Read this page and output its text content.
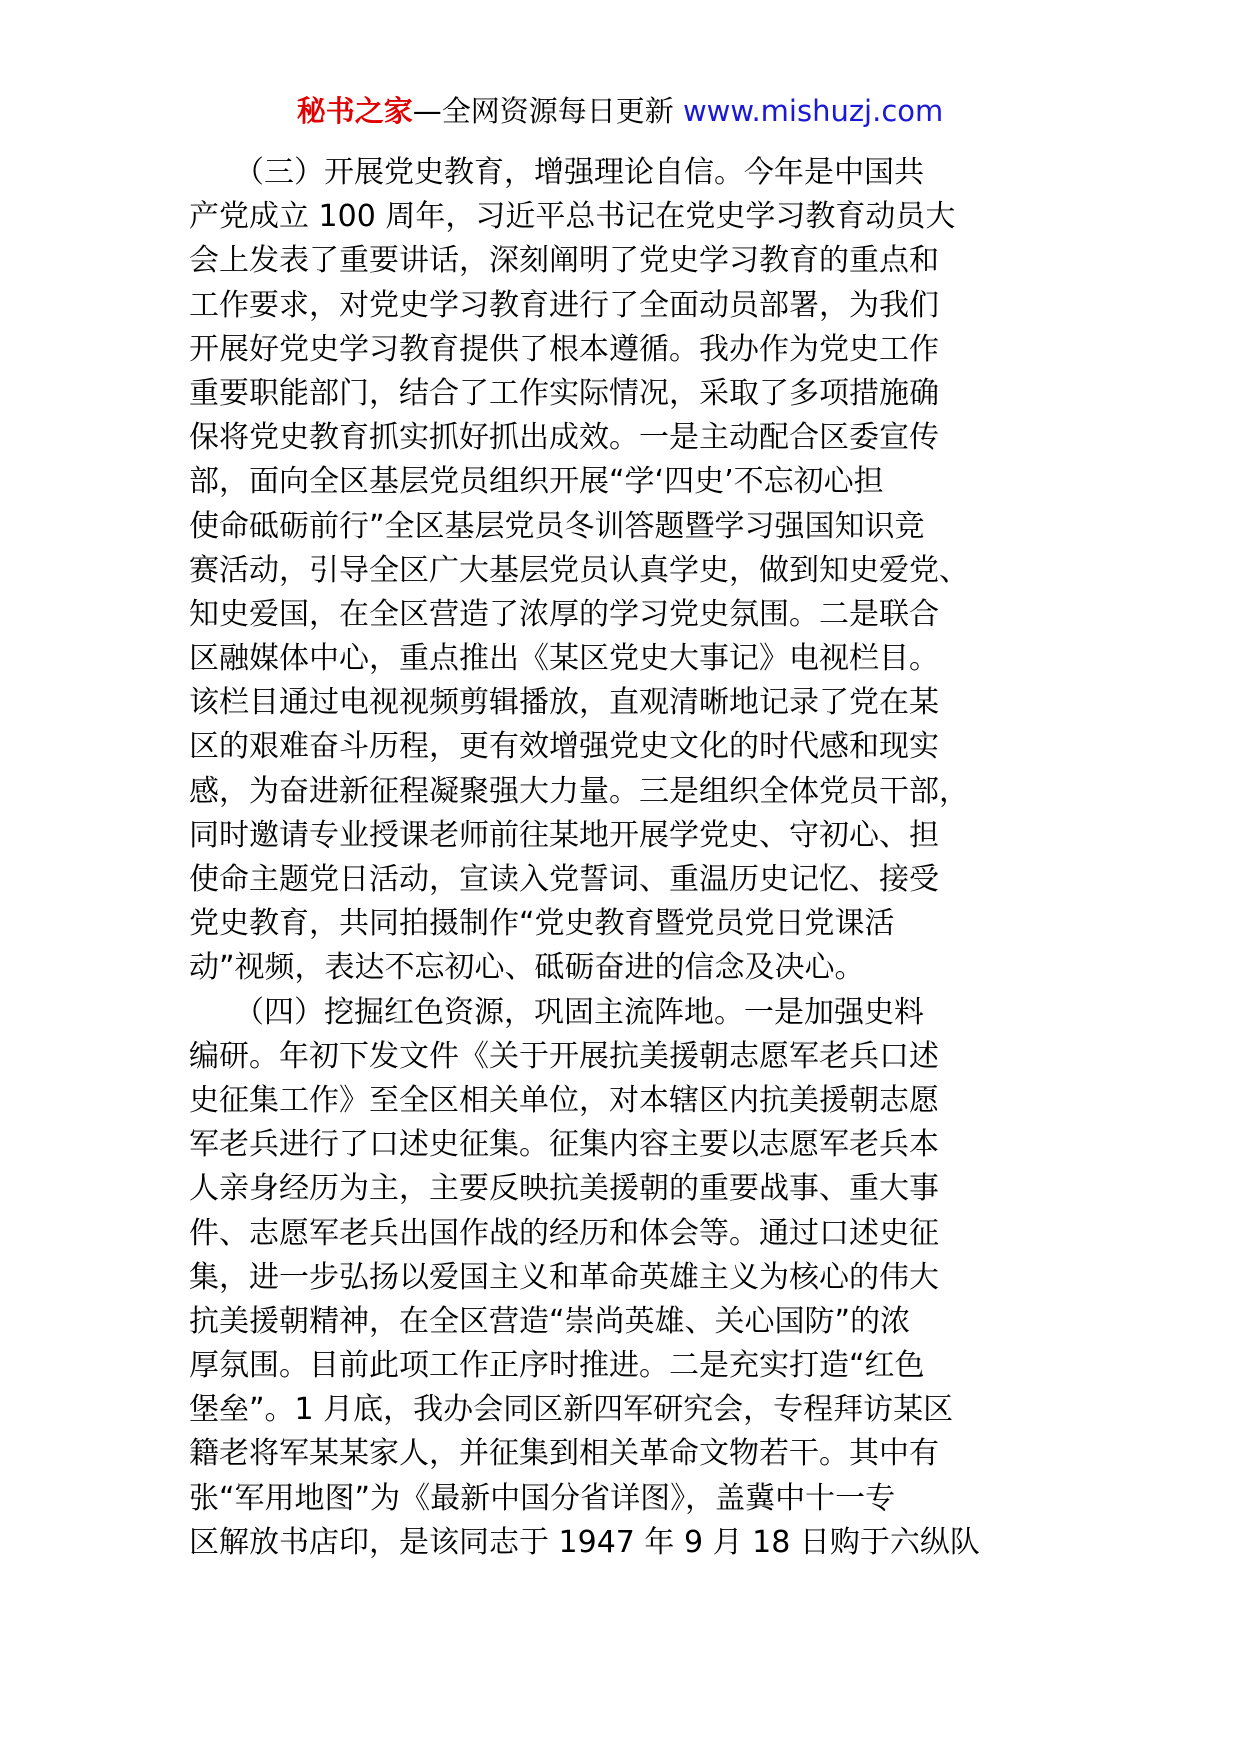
秘书之家—全网资源每日更新 www.mishuzj.com
　　（三）开展党史教育，增强理论自信。今年是中国共
产党成立 100 周年，习近平总书记在党史学习教育动员大
会上发表了重要讲话，深刻阐明了党史学习教育的重点和
工作要求，对党史学习教育进行了全面动员部署，为我们
开展好党史学习教育提供了根本遵循。我办作为党史工作
重要职能部门，结合了工作实际情况，采取了多项措施确
保将党史教育抓实抓好抓出成效。一是主动配合区委宣传
部，面向全区基层党员组织开展“学‘四史’不忘初心担
使命砥砺前行”全区基层党员冬训答题暨学习强国知识竞
赛活动，引导全区广大基层党员认真学史，做到知史爱党、
知史爱国，在全区营造了浓厚的学习党史氛围。二是联合
区融媒体中心，重点推出《某区党史大事记》电视栏目。
该栏目通过电视视频剪辑播放，直观清晰地记录了党在某
区的艰难奋斗历程，更有效增强党史文化的时代感和现实
感，为奋进新征程凝聚强大力量。三是组织全体党员干部，
同时邀请专业授课老师前往某地开展学党史、守初心、担
使命主题党日活动，宣读入党誓词、重温历史记忆、接受
党史教育，共同拍摄制作“党史教育暨党员党日党课活
动”视频，表达不忘初心、砥砺奋进的信念及决心。
　　（四）挖掘红色资源，巩固主流阵地。一是加强史料
编研。年初下发文件《关于开展抗美援朝志愿军老兵口述
史征集工作》至全区相关单位，对本辖区内抗美援朝志愿
军老兵进行了口述史征集。征集内容主要以志愿军老兵本
人亲身经历为主，主要反映抗美援朝的重要战事、重大事
件、志愿军老兵出国作战的经历和体会等。通过口述史征
集，进一步弘扬以爱国主义和革命英雄主义为核心的伟大
抗美援朝精神，在全区营造“崇尚英雄、关心国防”的浓
厚氛围。目前此项工作正序时推进。二是充实打造“红色
堡垒”。1 月底，我办会同区新四军研究会，专程拜访某区
籍老将军某某家人，并征集到相关革命文物若干。其中有
张“军用地图”为《最新中国分省详图》，盖冀中十一专
区解放书店印，是该同志于 1947 年 9 月 18 日购于六纵队
